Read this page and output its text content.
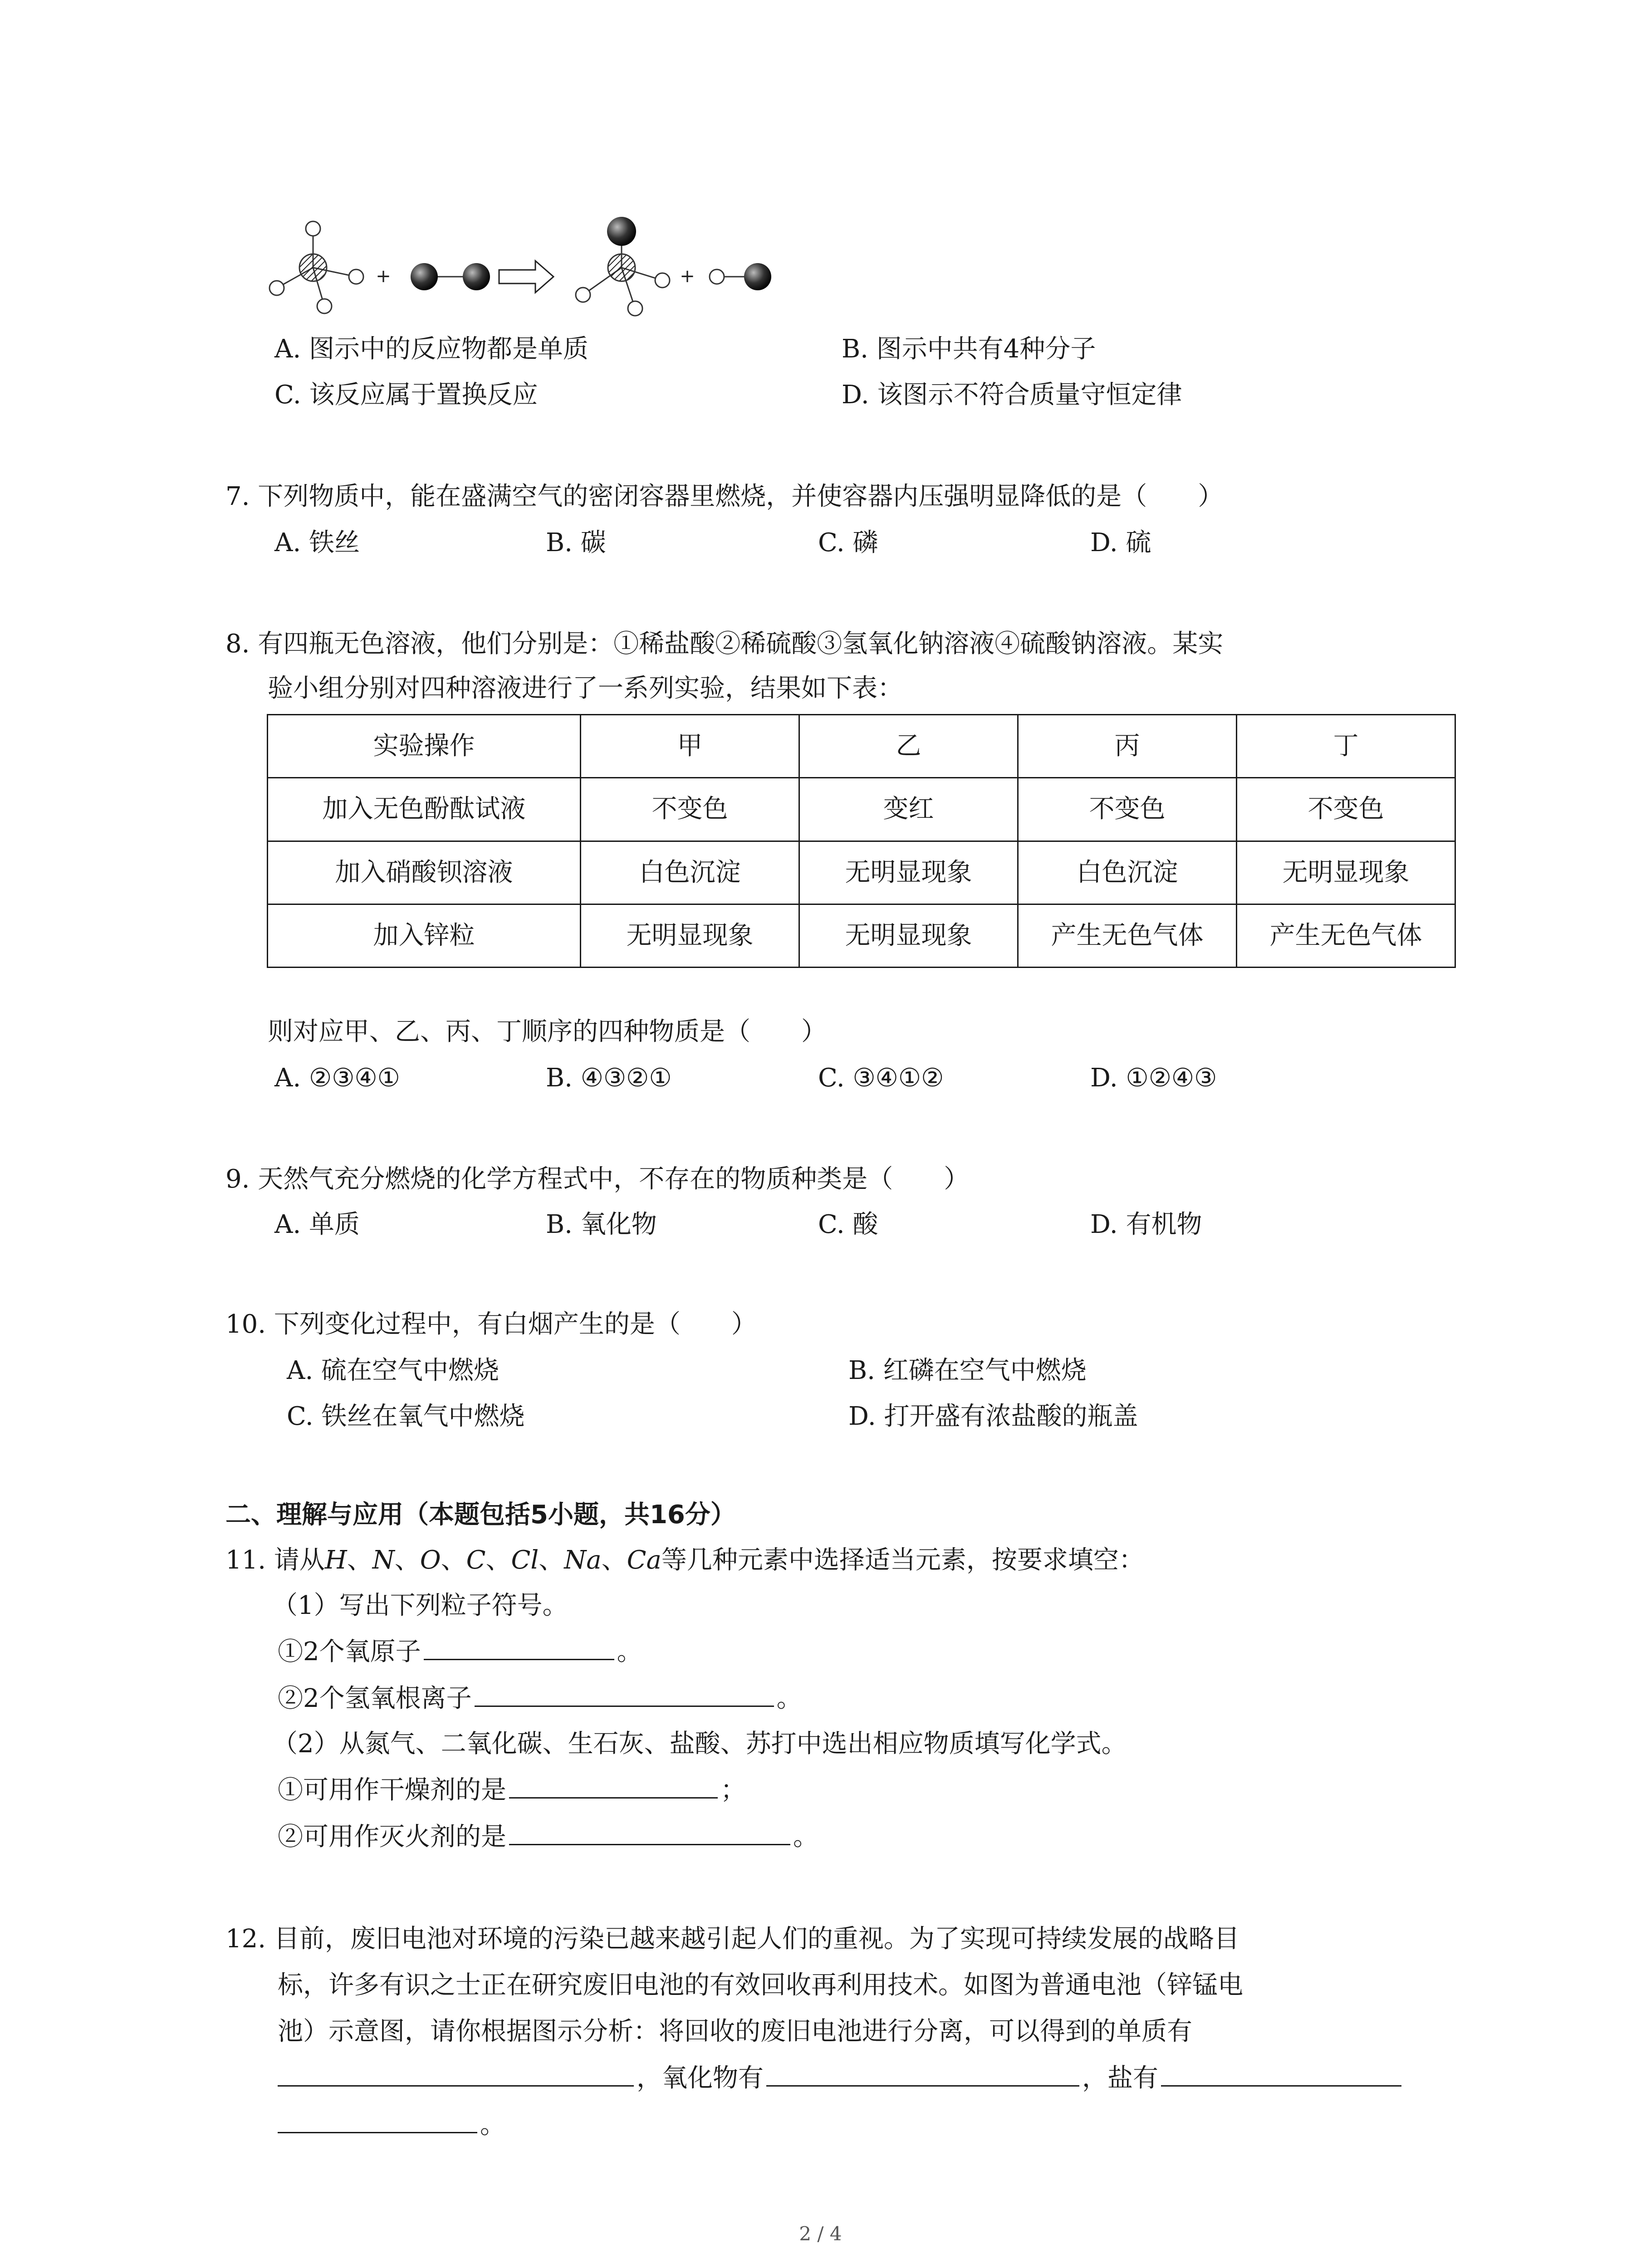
+	+
A. 图示中的反应物都是单质	B. 图示中共有4种分子
C. 该反应属于置换反应	D. 该图示不符合质量守恒定律
7. 下列物质中，能在盛满空气的密闭容器里燃烧，并使容器内压强明显降低的是（　　）
A. 铁丝	B. 碳	C. 磷	D. 硫
8. 有四瓶无色溶液，他们分别是：①稀盐酸②稀硫酸③氢氧化钠溶液④硫酸钠溶液。某实
验小组分别对四种溶液进行了一系列实验，结果如下表：
实验操作	甲	乙	丙	丁
加入无色酚酞试液	不变色	变红	不变色	不变色
加入硝酸钡溶液	白色沉淀	无明显现象	白色沉淀	无明显现象
加入锌粒	无明显现象	无明显现象	产生无色气体	产生无色气体
则对应甲、乙、丙、丁顺序的四种物质是（　　）
A. ②③④①	B. ④③②①	C. ③④①②	D. ①②④③
9. 天然气充分燃烧的化学方程式中，不存在的物质种类是（　　）
A. 单质	B. 氧化物	C. 酸	D. 有机物
10. 下列变化过程中，有白烟产生的是（　　）
A. 硫在空气中燃烧	B. 红磷在空气中燃烧
C. 铁丝在氧气中燃烧	D. 打开盛有浓盐酸的瓶盖
二、理解与应用（本题包括5小题，共16分）
11. 请从H、N、O、C、Cl、Na、Ca等几种元素中选择适当元素，按要求填空：
（1）写出下列粒子符号。
①2个氧原子	。
②2个氢氧根离子	。
（2）从氮气、二氧化碳、生石灰、盐酸、苏打中选出相应物质填写化学式。
①可用作干燥剂的是	；
②可用作灭火剂的是	。
12. 目前，废旧电池对环境的污染已越来越引起人们的重视。为了实现可持续发展的战略目
标，许多有识之士正在研究废旧电池的有效回收再利用技术。如图为普通电池（锌锰电
池）示意图，请你根据图示分析：将回收的废旧电池进行分离，可以得到的单质有
，氧化物有	，盐有
。
2 / 4
